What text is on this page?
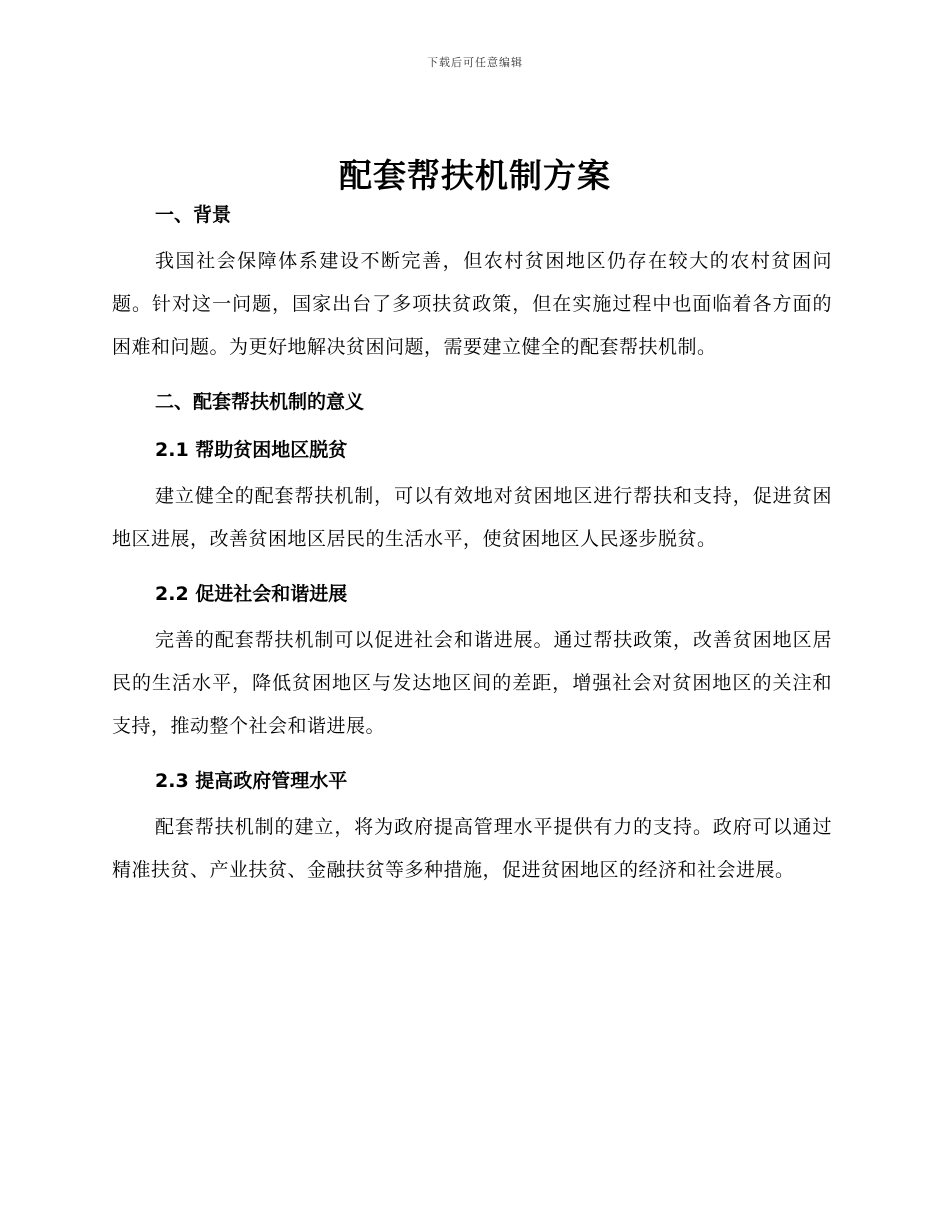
下载后可任意编辑
配套帮扶机制方案
一、背景

我国社会保障体系建设不断完善，但农村贫困地区仍存在较大的农村贫困问题。针对这一问题，国家出台了多项扶贫政策，但在实施过程中也面临着各方面的困难和问题。为更好地解决贫困问题，需要建立健全的配套帮扶机制。

二、配套帮扶机制的意义
2.1 帮助贫困地区脱贫

建立健全的配套帮扶机制，可以有效地对贫困地区进行帮扶和支持，促进贫困地区进展，改善贫困地区居民的生活水平，使贫困地区人民逐步脱贫。

2.2 促进社会和谐进展

完善的配套帮扶机制可以促进社会和谐进展。通过帮扶政策，改善贫困地区居民的生活水平，降低贫困地区与发达地区间的差距，增强社会对贫困地区的关注和支持，推动整个社会和谐进展。

2.3 提高政府管理水平

配套帮扶机制的建立，将为政府提高管理水平提供有力的支持。政府可以通过精准扶贫、产业扶贫、金融扶贫等多种措施，促进贫困地区的经济和社会进展。
